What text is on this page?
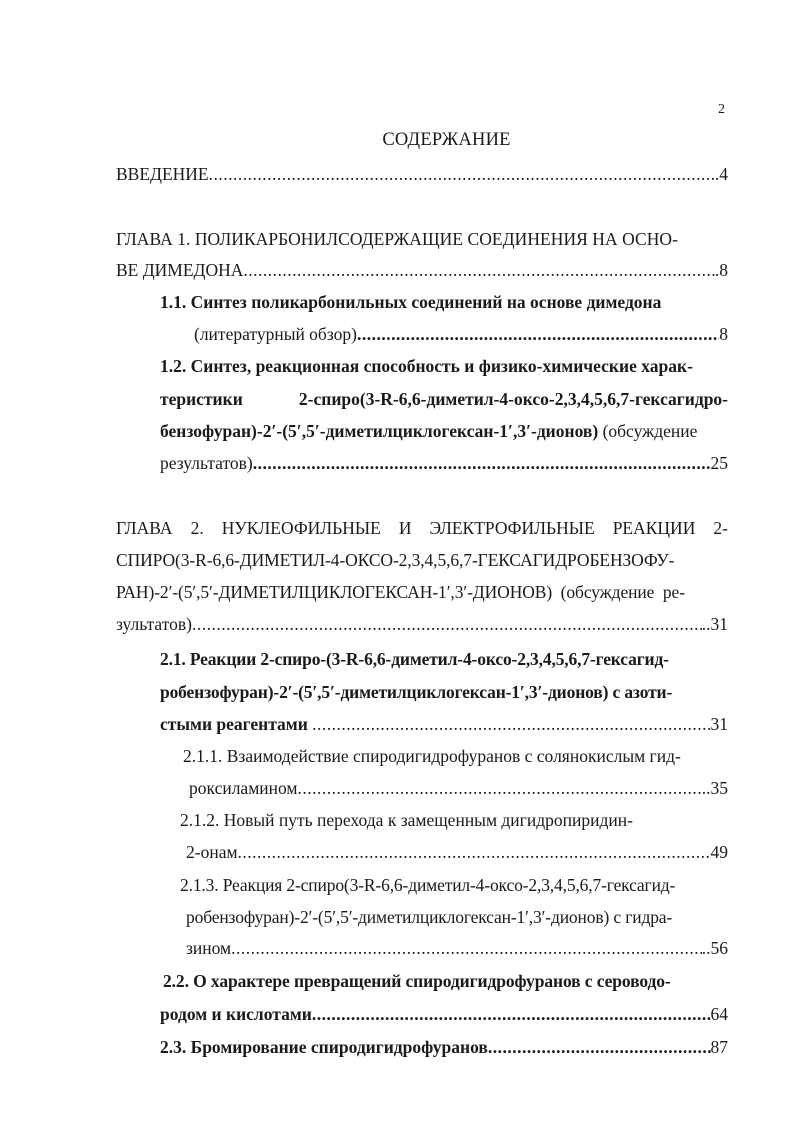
2
СОДЕРЖАНИЕ
ВВЕДЕНИЕ .....	.4
ГЛАВА 1. ПОЛИКАРБОНИЛСОДЕРЖАЩИЕ СОЕДИНЕНИЯ НА ОСНО-
ВЕ ДИМЕДОНА .....	.8
1.1. Синтез поликарбонильных соединений на основе димедона
(литературный обзор) .....	8
1.2. Синтез, реакционная способность и физико-химические харак-
теристики	2-спиро(3-R-6,6-диметил-4-оксо-2,3,4,5,6,7-гексагидро-
бензофуран)-2′-(5′,5′-диметилциклогексан-1′,3′-дионов) (обсуждение
результатов) .....	25
ГЛАВА 2. НУКЛЕОФИЛЬНЫЕ И ЭЛЕКТРОФИЛЬНЫЕ РЕАКЦИИ 2-
СПИРО(3-R-6,6-ДИМЕТИЛ-4-ОКСО-2,3,4,5,6,7-ГЕКСАГИДРОБЕНЗОФУ-
РАН)-2′-(5′,5′-ДИМЕТИЛЦИКЛОГЕКСАН-1′,3′-ДИОНОВ)  (обсуждение  ре-
зультатов) .....	..31
2.1. Реакции 2-спиро-(3-R-6,6-диметил-4-оксо-2,3,4,5,6,7-гексагид-
робензофуран)-2′-(5′,5′-диметилциклогексан-1′,3′-дионов) с азоти-
стыми реагентами .....	31
2.1.1. Взаимодействие спиродигидрофуранов с солянокислым гид-
роксиламином .....	...35
2.1.2. Новый путь перехода к замещенным дигидропиридин-
2-онам .....	49
2.1.3. Реакция 2-спиро(3-R-6,6-диметил-4-оксо-2,3,4,5,6,7-гексагид-
робензофуран)-2′-(5′,5′-диметилциклогексан-1′,3′-дионов) с гидра-
зином .....	..56
2.2. О характере превращений спиродигидрофуранов с сероводо-
родом и кислотами .....	64
2.3. Бромирование спиродигидрофуранов .....	87
